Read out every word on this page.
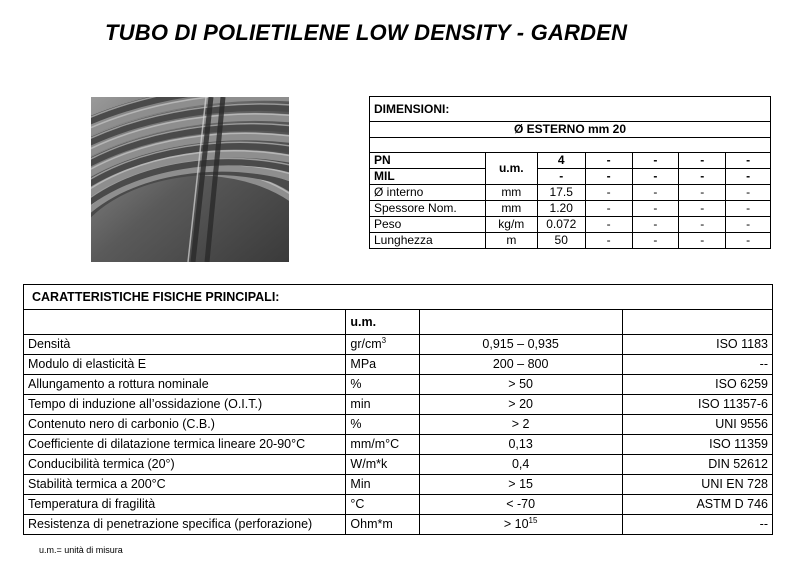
TUBO DI POLIETILENE LOW DENSITY - GARDEN
DIMENSIONI:						
Ø ESTERNO mm 20						

PN	u.m.	4	-	-	-	-
MIL		-	-	-	-	-
Ø interno	mm	17.5	-	-	-	-
Spessore Nom.	mm	1.20	-	-	-	-
Peso	kg/m	0.072	-	-	-	-
Lunghezza	m	50	-	-	-	-
CARATTERISTICHE FISICHE PRINCIPALI:			
	u.m.		
Densità	$gr/cm^3$	0,915 – 0,935	ISO 1183
Modulo di elasticità E	MPa	200 – 800	--
Allungamento a rottura nominale	%	> 50	ISO 6259
Tempo di induzione all’ossidazione (O.I.T.)	min	> 20	ISO 11357-6
Contenuto nero di carbonio (C.B.)	%	> 2	UNI 9556
Coefficiente di dilatazione termica lineare 20-90°C	mm/m°C	0,13	ISO 11359
Conducibilità termica (20°)	W/m*k	0,4	DIN 52612
Stabilità termica a 200°C	Min	> 15	UNI EN 728
Temperatura di fragilità	°C	< -70	ASTM D 746
Resistenza di penetrazione specifica (perforazione)	Ohm*m	> $10^{15}$	--
u.m.= unità di misura
